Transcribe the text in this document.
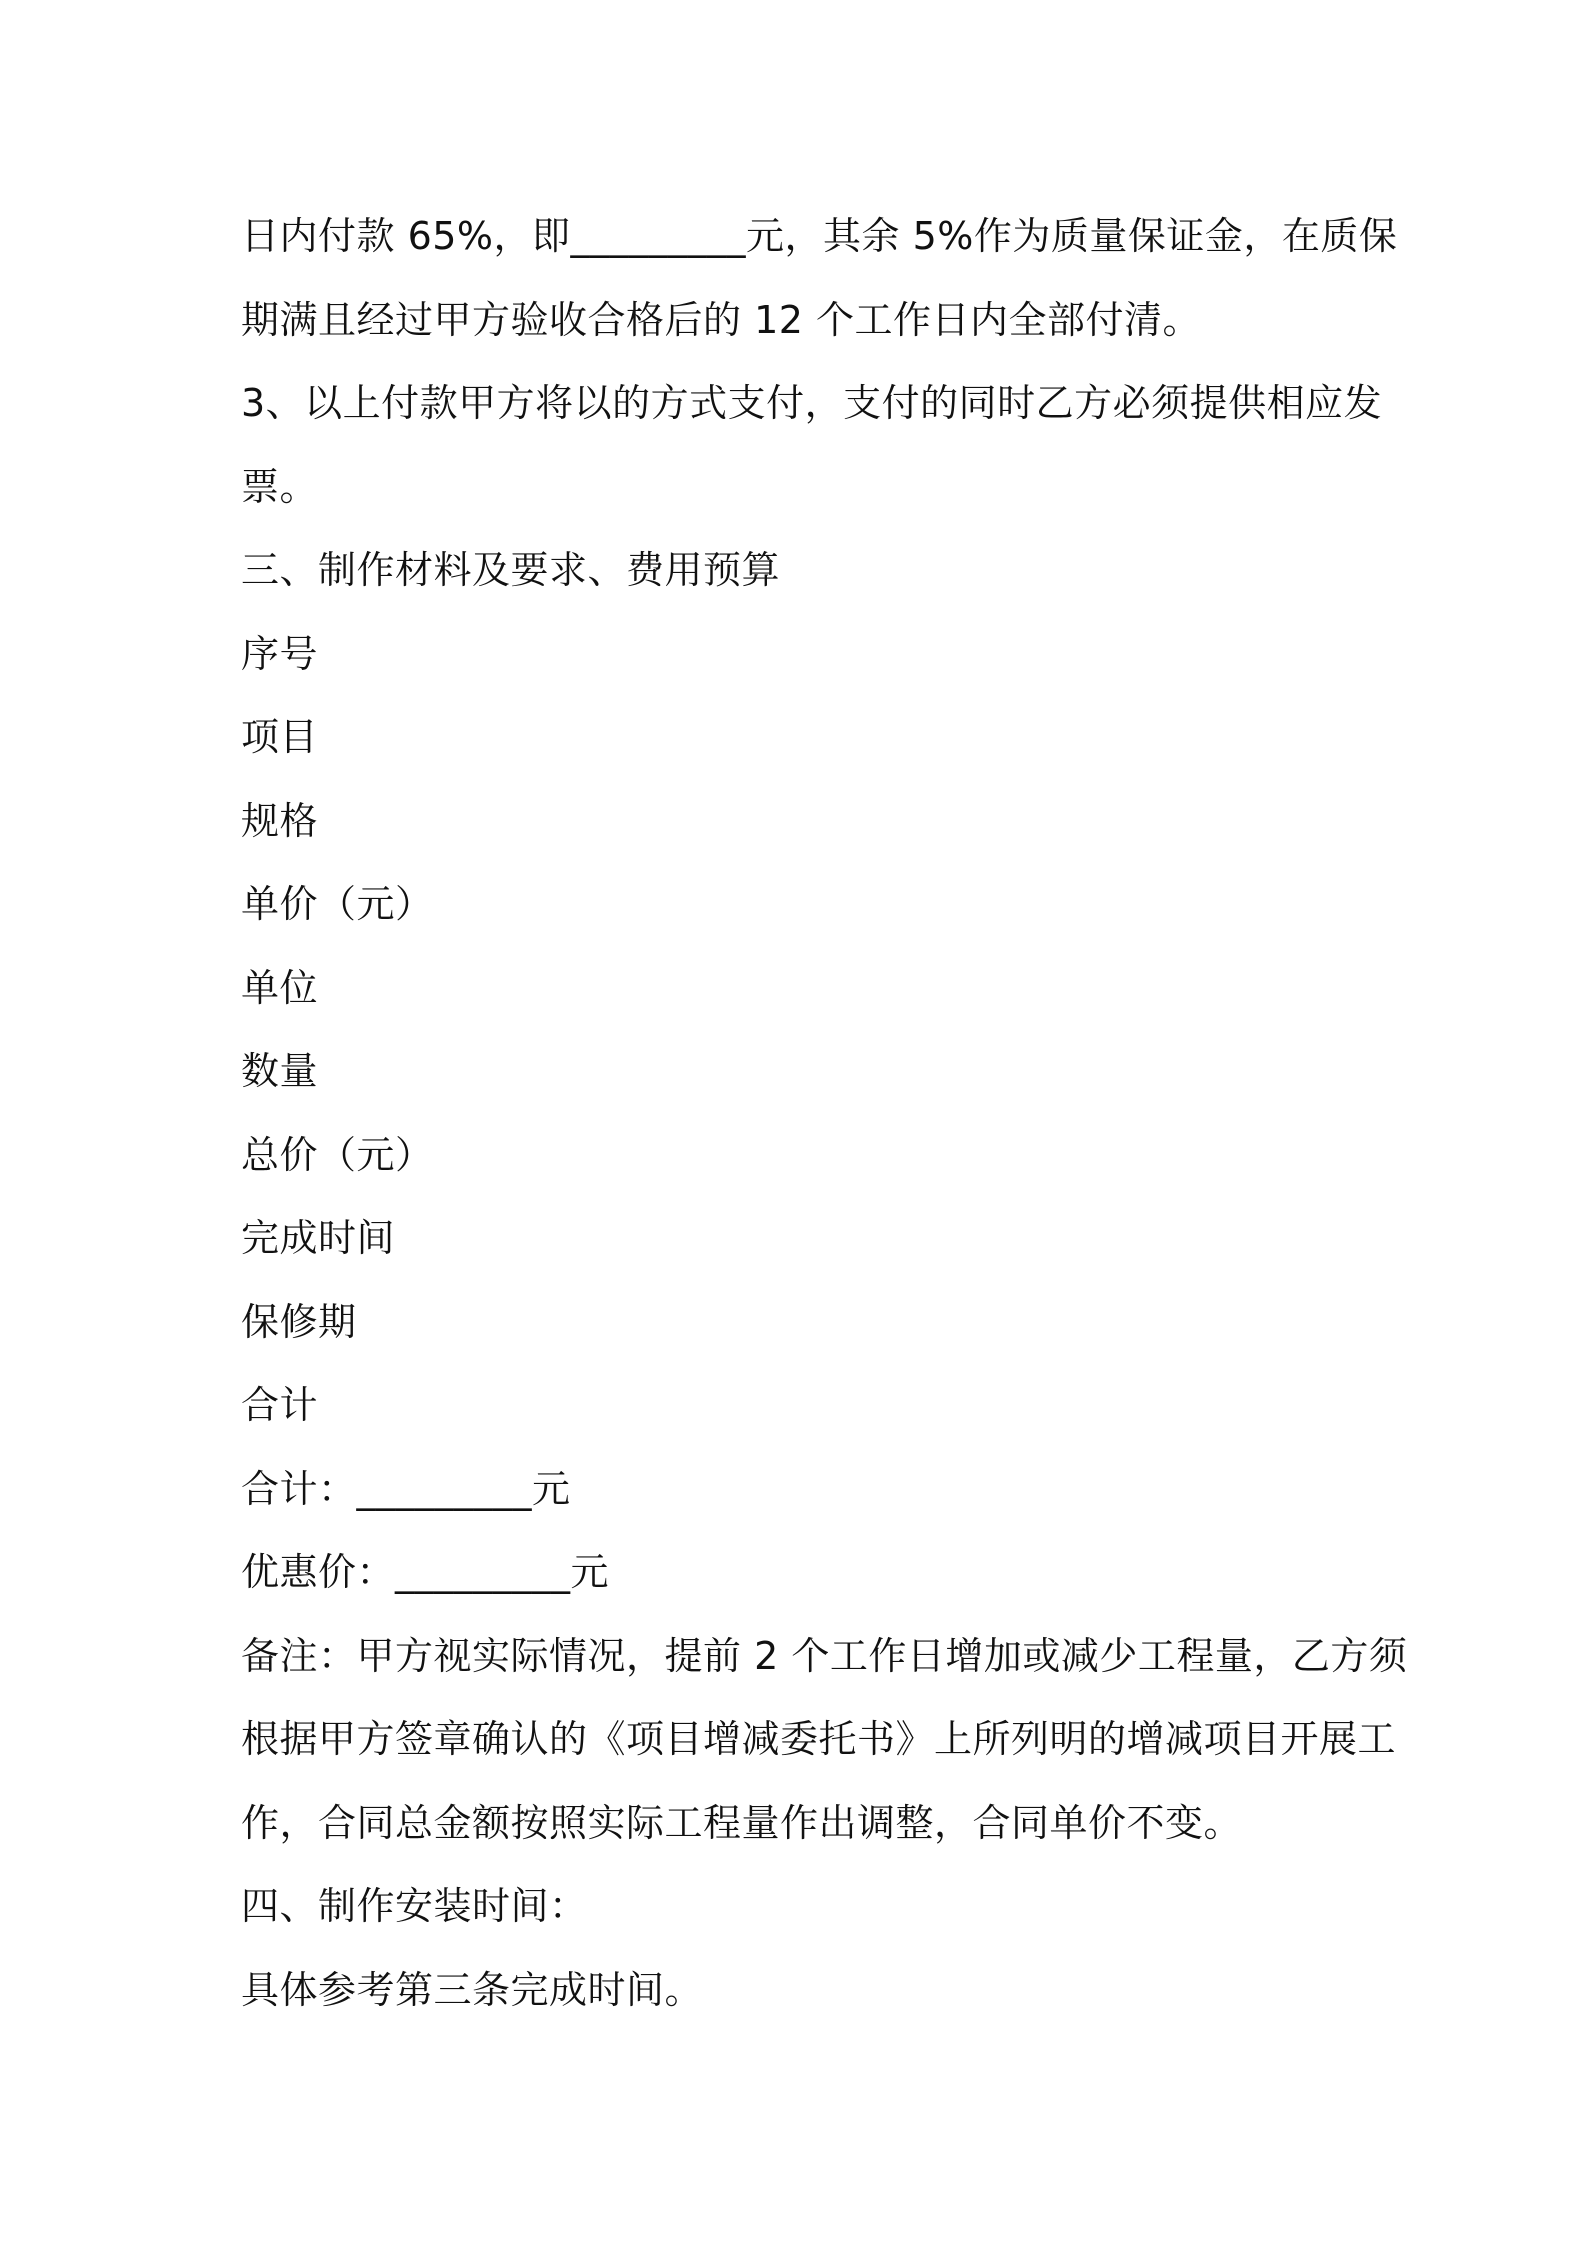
日内付款 65%，即_________元，其余 5%作为质量保证金，在质保
期满且经过甲方验收合格后的 12 个工作日内全部付清。
3、以上付款甲方将以的方式支付，支付的同时乙方必须提供相应发
票。
三、制作材料及要求、费用预算
序号
项目
规格
单价（元）
单位
数量
总价（元）
完成时间
保修期
合计
合计：_________元
优惠价：_________元
备注：甲方视实际情况，提前 2 个工作日增加或减少工程量，乙方须
根据甲方签章确认的《项目增减委托书》上所列明的增减项目开展工
作，合同总金额按照实际工程量作出调整，合同单价不变。
四、制作安装时间：
具体参考第三条完成时间。
